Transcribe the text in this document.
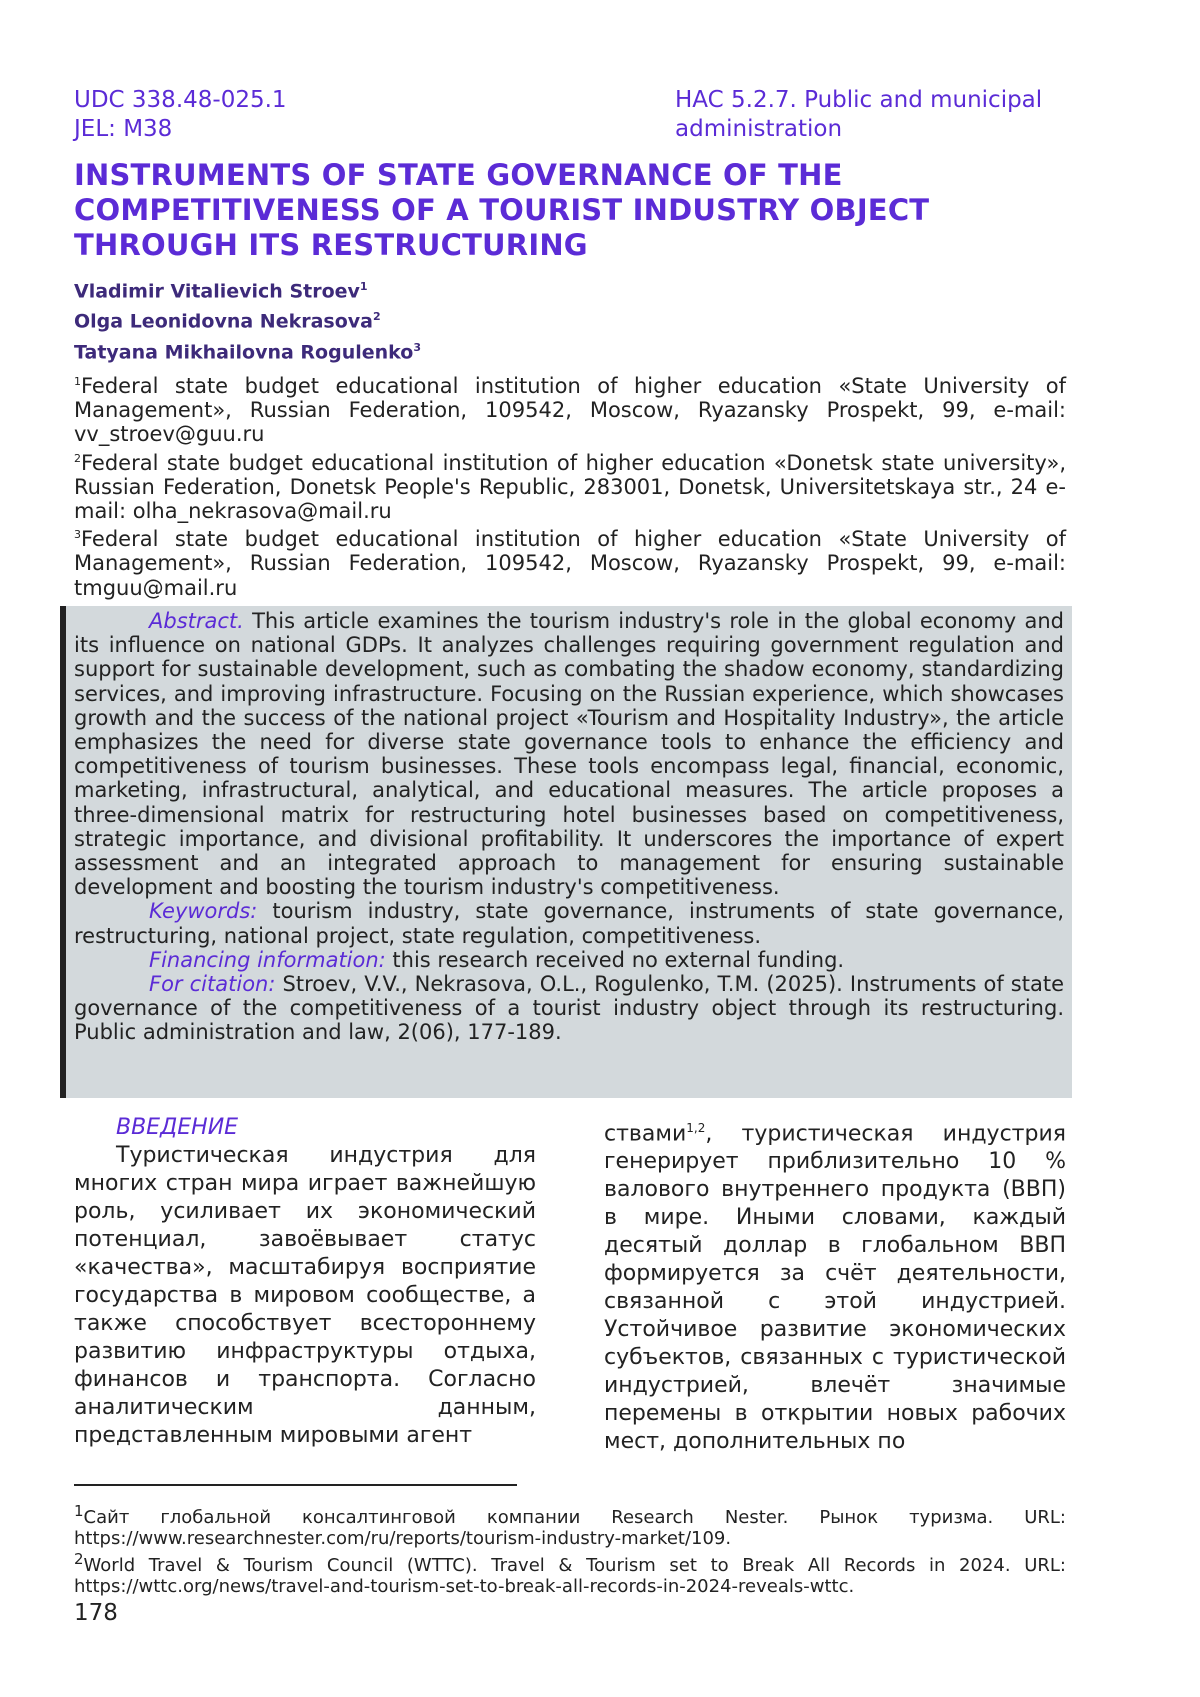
UDC 338.48-025.1
JEL: M38
HAC 5.2.7. Public and municipal
administration
INSTRUMENTS OF STATE GOVERNANCE OF THE
COMPETITIVENESS OF A TOURIST INDUSTRY OBJECT
THROUGH ITS RESTRUCTURING
Vladimir Vitalievich Stroev1
Olga Leonidovna Nekrasova2
Tatyana Mikhailovna Rogulenko3

1Federal state budget educational institution of higher education «State University of Management», Russian Federation, 109542, Moscow, Ryazansky Prospekt, 99, e-mail: vv_stroev@guu.ru

2Federal state budget educational institution of higher education «Donetsk state university», Russian Federation, Donetsk People's Republic, 283001, Donetsk, Universitetskaya str., 24 e-mail: olha_nekrasova@mail.ru

3Federal state budget educational institution of higher education «State University of Management», Russian Federation, 109542, Moscow, Ryazansky Prospekt, 99, e-mail: tmguu@mail.ru

Abstract. This article examines the tourism industry's role in the global economy and its influence on national GDPs. It analyzes challenges requiring government regulation and support for sustainable development, such as combating the shadow economy, standardizing services, and improving infrastructure. Focusing on the Russian experience, which showcases growth and the success of the national project «Tourism and Hospitality Industry», the article emphasizes the need for diverse state governance tools to enhance the efficiency and competitiveness of tourism businesses. These tools encompass legal, financial, economic, marketing, infrastructural, analytical, and educational measures. The article proposes a three-dimensional matrix for restructuring hotel businesses based on competitiveness, strategic importance, and divisional profitability. It underscores the importance of expert assessment and an integrated approach to management for ensuring sustainable development and boosting the tourism industry's competitiveness.

Keywords: tourism industry, state governance, instruments of state governance, restructuring, national project, state regulation, competitiveness.

Financing information: this research received no external funding.

For citation: Stroev, V.V., Nekrasova, O.L., Rogulenko, T.M. (2025). Instruments of state governance of the competitiveness of a tourist industry object through its restructuring. Public administration and law, 2(06), 177-189.

ВВЕДЕНИЕ

Туристическая индустрия для многих стран мира играет важней­шую роль, усиливает их экономиче­ский потенциал, завоёвывает статус «качества», масштабируя восприя­тие государства в мировом сообще­стве, а также способствует всесто­роннему развитию инфраструктуры отдыха, финансов и транспорта. Со­гласно аналитическим данным, представленным мировыми агент­

ствами1,2, туристическая индустрия генерирует приблизительно 10 % валового внутреннего продукта (ВВП) в мире. Иными словами, каж­дый десятый доллар в глобальном ВВП формируется за счёт деятель­ности, связанной с этой индустрией. Устойчивое развитие экономиче­ских субъектов, связанных с тури­стической индустрией, влечёт зна­чимые перемены в открытии новых рабочих мест, дополнительных по­

1Сайт глобальной консалтинговой компании Research Nester. Рынок туризма. URL: https://www.researchnester.com/ru/reports/tourism-industry-market/109.

2World Travel & Tourism Council (WTTC). Travel & Tourism set to Break All Records in 2024. URL: https://wttc.org/news/travel-and-tourism-set-to-break-all-records-in-2024-reveals-wttc.

178
